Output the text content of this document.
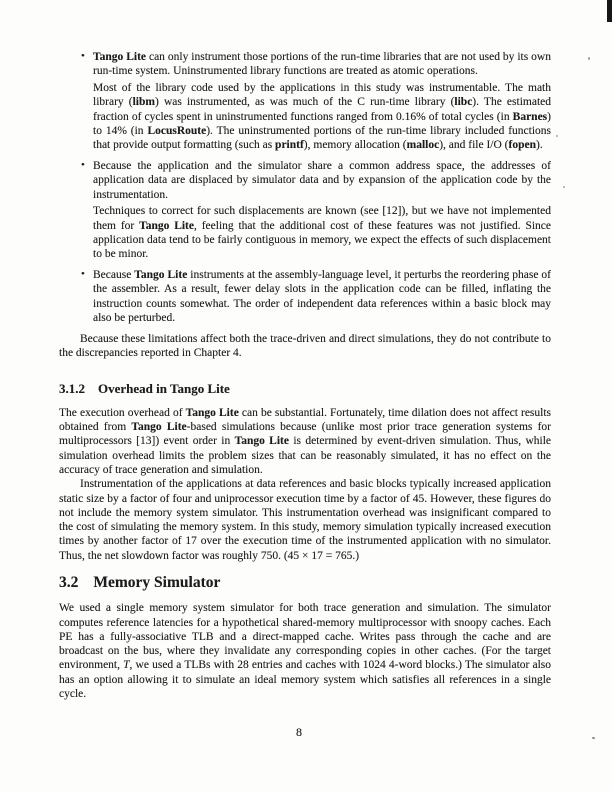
• Tango Lite can only instrument those portions of the run-time libraries that are not used by its own run-time system. Uninstrumented library functions are treated as atomic operations.

Most of the library code used by the applications in this study was instrumentable. The math library (libm) was instrumented, as was much of the C run-time library (libc). The estimated fraction of cycles spent in uninstrumented functions ranged from 0.16% of total cycles (in Barnes) to 14% (in LocusRoute). The uninstrumented portions of the run-time library included functions that provide output formatting (such as printf), memory allocation (malloc), and file I/O (fopen).

• Because the application and the simulator share a common address space, the addresses of application data are displaced by simulator data and by expansion of the application code by the instrumentation.

Techniques to correct for such displacements are known (see [12]), but we have not implemented them for Tango Lite, feeling that the additional cost of these features was not justified. Since application data tend to be fairly contiguous in memory, we expect the effects of such displacement to be minor.

• Because Tango Lite instruments at the assembly-language level, it perturbs the reordering phase of the assembler. As a result, fewer delay slots in the application code can be filled, inflating the instruction counts somewhat. The order of independent data references within a basic block may also be perturbed.

Because these limitations affect both the trace-driven and direct simulations, they do not contribute to the discrepancies reported in Chapter 4.

3.1.2 Overhead in Tango Lite

The execution overhead of Tango Lite can be substantial. Fortunately, time dilation does not affect results obtained from Tango Lite-based simulations because (unlike most prior trace generation systems for multiprocessors [13]) event order in Tango Lite is determined by event-driven simulation. Thus, while simulation overhead limits the problem sizes that can be reasonably simulated, it has no effect on the accuracy of trace generation and simulation.

Instrumentation of the applications at data references and basic blocks typically increased application static size by a factor of four and uniprocessor execution time by a factor of 45. However, these figures do not include the memory system simulator. This instrumentation overhead was insignificant compared to the cost of simulating the memory system. In this study, memory simulation typically increased execution times by another factor of 17 over the execution time of the instrumented application with no simulator. Thus, the net slowdown factor was roughly 750. (45 × 17 = 765.)

3.2 Memory Simulator

We used a single memory system simulator for both trace generation and simulation. The simulator computes reference latencies for a hypothetical shared-memory multiprocessor with snoopy caches. Each PE has a fully-associative TLB and a direct-mapped cache. Writes pass through the cache and are broadcast on the bus, where they invalidate any corresponding copies in other caches. (For the target environment, T, we used a TLBs with 28 entries and caches with 1024 4-word blocks.) The simulator also has an option allowing it to simulate an ideal memory system which satisfies all references in a single cycle.

8
